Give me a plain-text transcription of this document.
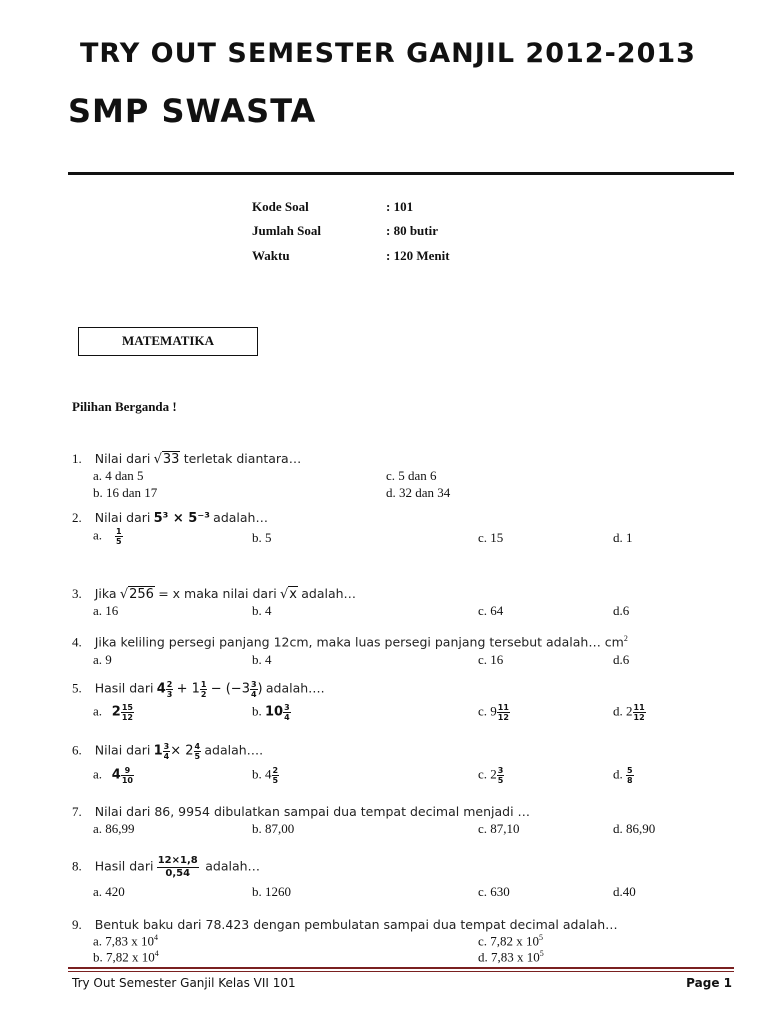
TRY OUT SEMESTER GANJIL 2012-2013
SMP SWASTA
Kode Soal	: 101
Jumlah Soal	: 80 butir
Waktu	: 120 Menit
MATEMATIKA
Pilihan Berganda !
1. Nilai dari √33 terletak diantara…
a. 4 dan 5
b. 16 dan 17
c. 5 dan 6
d. 32 dan 34
2. Nilai dari 5³ × 5⁻³ adalah…
a. $\frac{1}{5}$	b. 5	c. 15	d. 1
3. Jika √256 = x maka nilai dari √x adalah…
a. 16	b. 4	c. 64	d.6
4. Jika keliling persegi panjang 12cm, maka luas persegi panjang tersebut adalah… $cm^2$
a. 9	b. 4	c. 16	d.6
5. Hasil dari $4 \frac{2}{3} + 1 \frac{1}{2} - (-3 \frac{3}{4}$ ) adalah….
a. $2 \frac{15}{12}$	b. $10 \frac{3}{4}$	c. $9 \frac{11}{12}$	d. $2 \frac{11}{12}$
6. Nilai dari $1 \frac{3}{4} \times 2 \frac{4}{5}$ adalah….
a. $4 \frac{9}{10}$	b. $4 \frac{2}{5}$	c. $2 \frac{3}{5}$	d. $\frac{5}{8}$
7. Nilai dari 86, 9954 dibulatkan sampai dua tempat decimal menjadi …
a. 86,99	b. 87,00	c. 87,10	d. 86,90
8. Hasil dari $\frac{12\times 1,8}{0,54}$ adalah…
a. 420	b. 1260	c. 630	d.40
9. Bentuk baku dari 78.423 dengan pembulatan sampai dua tempat decimal adalah…
a. 7,83 x $10^4$
b. 7,82 x $10^4$
c. 7,82 x $10^5$
d. 7,83 x $10^5$
Try Out Semester Ganjil Kelas VII 101	Page 1
